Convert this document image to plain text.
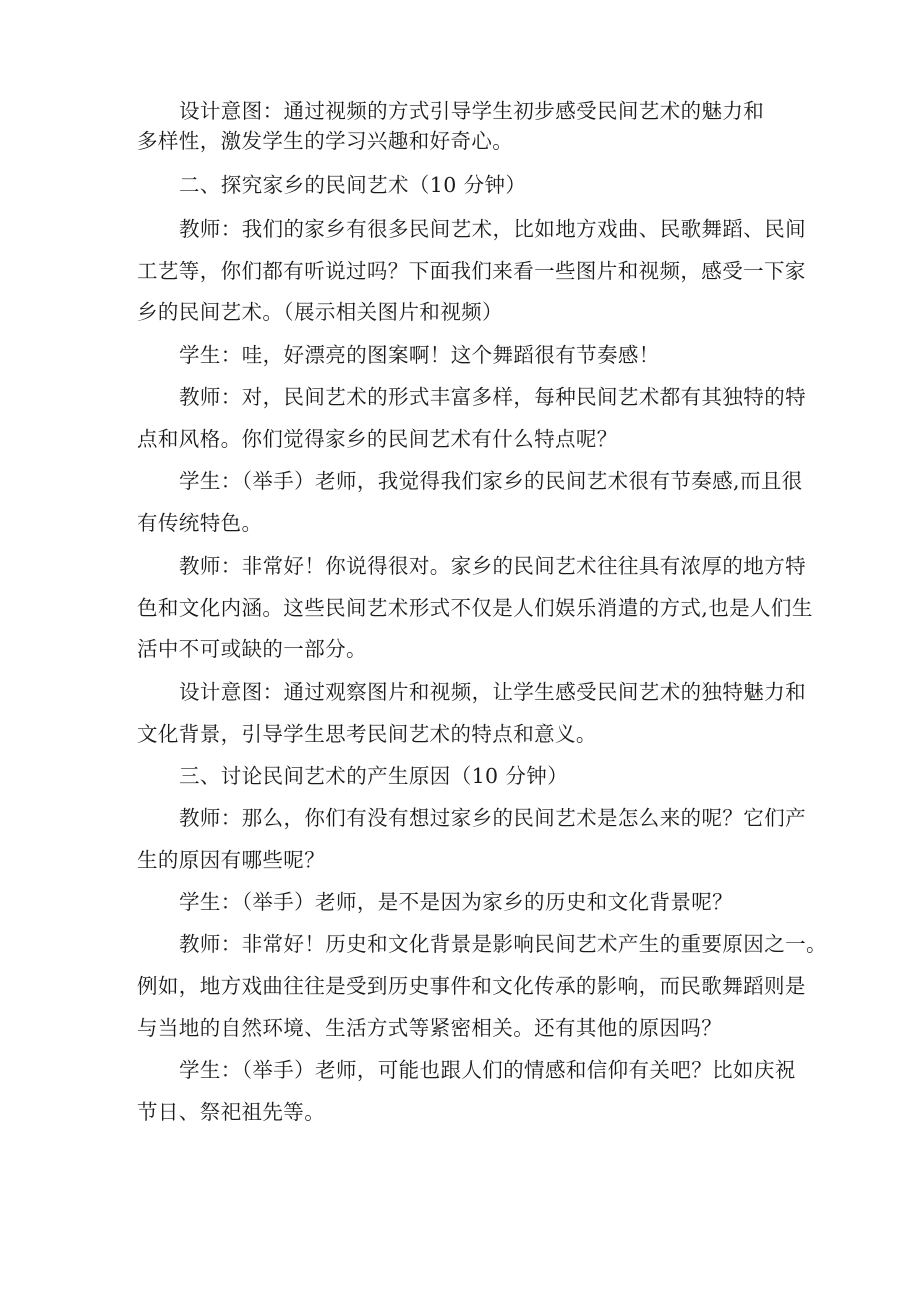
设计意图：通过视频的方式引导学生初步感受民间艺术的魅力和
多样性，激发学生的学习兴趣和好奇心。
二、探究家乡的民间艺术（10 分钟）
教师：我们的家乡有很多民间艺术，比如地方戏曲、民歌舞蹈、民间
工艺等，你们都有听说过吗？下面我们来看一些图片和视频，感受一下家
乡的民间艺术。（展示相关图片和视频）
学生：哇，好漂亮的图案啊！这个舞蹈很有节奏感！
教师：对，民间艺术的形式丰富多样，每种民间艺术都有其独特的特
点和风格。你们觉得家乡的民间艺术有什么特点呢？
学生：（举手）老师，我觉得我们家乡的民间艺术很有节奏感,而且很
有传统特色。
教师：非常好！你说得很对。家乡的民间艺术往往具有浓厚的地方特
色和文化内涵。这些民间艺术形式不仅是人们娱乐消遣的方式,也是人们生
活中不可或缺的一部分。
设计意图：通过观察图片和视频，让学生感受民间艺术的独特魅力和
文化背景，引导学生思考民间艺术的特点和意义。
三、讨论民间艺术的产生原因（10 分钟）
教师：那么，你们有没有想过家乡的民间艺术是怎么来的呢？它们产
生的原因有哪些呢？
学生：（举手）老师，是不是因为家乡的历史和文化背景呢？
教师：非常好！历史和文化背景是影响民间艺术产生的重要原因之一。
例如，地方戏曲往往是受到历史事件和文化传承的影响，而民歌舞蹈则是
与当地的自然环境、生活方式等紧密相关。还有其他的原因吗？
学生：（举手）老师，可能也跟人们的情感和信仰有关吧？比如庆祝
节日、祭祀祖先等。
